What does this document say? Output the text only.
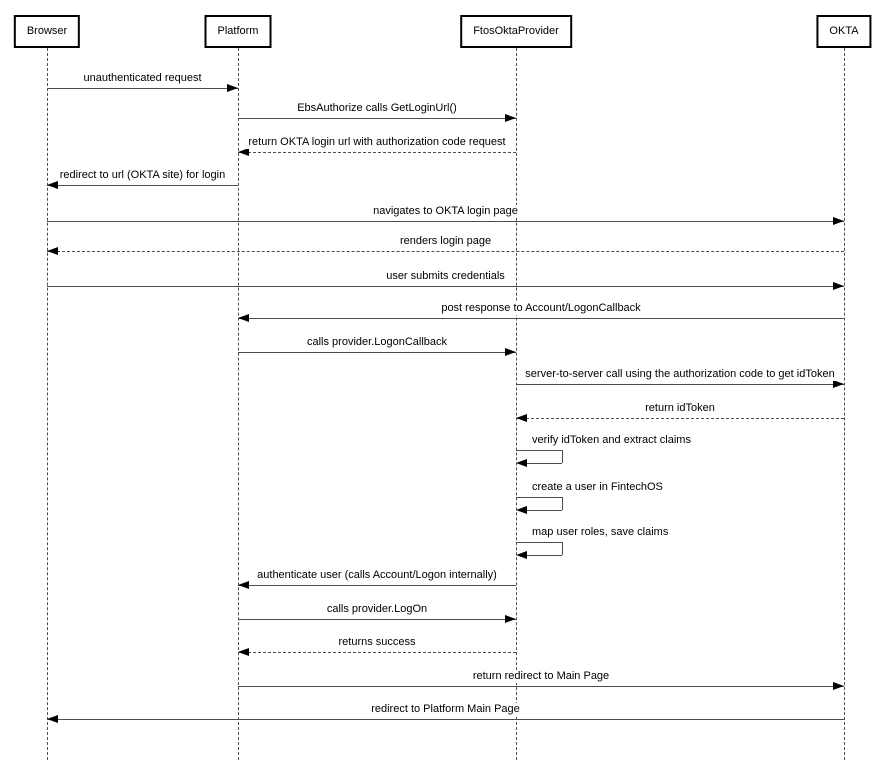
Browser	Platform	FtosOktaProvider	OKTA
unauthenticated request
EbsAuthorize calls GetLoginUrl()
return OKTA login url with authorization code request
redirect to url (OKTA site) for login
navigates to OKTA login page
renders login page
user submits credentials
post response to Account/LogonCallback
calls provider.LogonCallback
server-to-server call using the authorization code to get idToken
return idToken
verify idToken and extract claims
create a user in FintechOS
map user roles, save claims
authenticate user (calls Account/Logon internally)
calls provider.LogOn
returns success
return redirect to Main Page
redirect to Platform Main Page
